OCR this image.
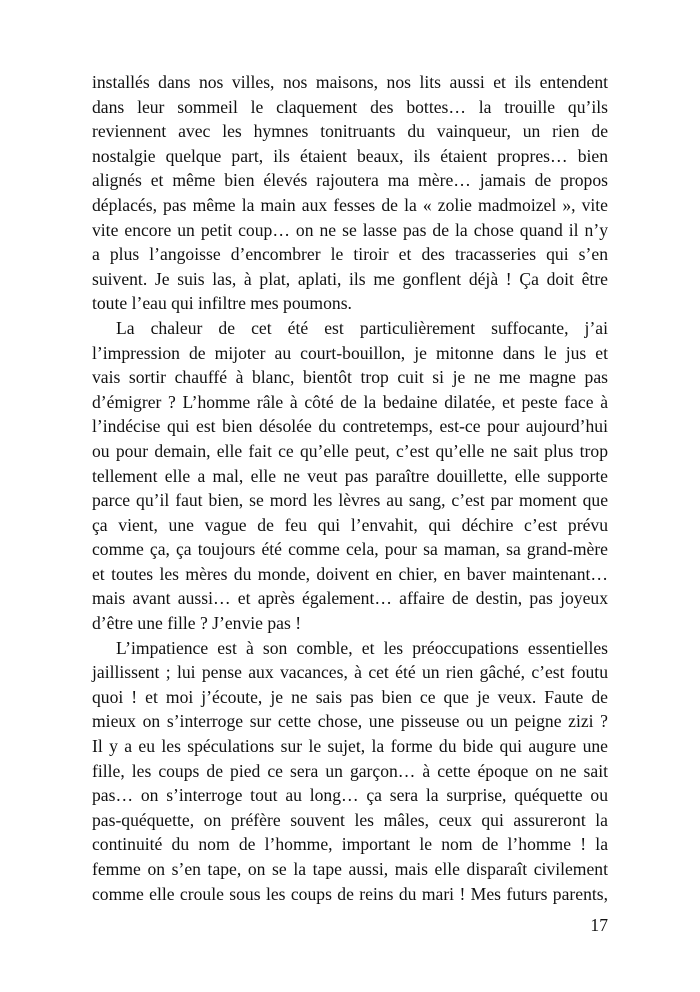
installés dans nos villes, nos maisons, nos lits aussi et ils entendent
dans leur sommeil le claquement des bottes… la trouille qu’ils
reviennent avec les hymnes tonitruants du vainqueur, un rien de
nostalgie quelque part, ils étaient beaux, ils étaient propres… bien
alignés et même bien élevés rajoutera ma mère… jamais de propos
déplacés, pas même la main aux fesses de la « zolie madmoizel », vite
vite encore un petit coup… on ne se lasse pas de la chose quand il n’y
a plus l’angoisse d’encombrer le tiroir et des tracasseries qui s’en
suivent. Je suis las, à plat, aplati, ils me gonflent déjà ! Ça doit être
toute l’eau qui infiltre mes poumons.
La chaleur de cet été est particulièrement suffocante, j’ai
l’impression de mijoter au court-bouillon, je mitonne dans le jus et
vais sortir chauffé à blanc, bientôt trop cuit si je ne me magne pas
d’émigrer ? L’homme râle à côté de la bedaine dilatée, et peste face à
l’indécise qui est bien désolée du contretemps, est-ce pour aujourd’hui
ou pour demain, elle fait ce qu’elle peut, c’est qu’elle ne sait plus trop
tellement elle a mal, elle ne veut pas paraître douillette, elle supporte
parce qu’il faut bien, se mord les lèvres au sang, c’est par moment que
ça vient, une vague de feu qui l’envahit, qui déchire c’est prévu
comme ça, ça toujours été comme cela, pour sa maman, sa grand-mère
et toutes les mères du monde, doivent en chier, en baver maintenant…
mais avant aussi… et après également… affaire de destin, pas joyeux
d’être une fille ? J’envie pas !
L’impatience est à son comble, et les préoccupations essentielles
jaillissent ; lui pense aux vacances, à cet été un rien gâché, c’est foutu
quoi ! et moi j’écoute, je ne sais pas bien ce que je veux. Faute de
mieux on s’interroge sur cette chose, une pisseuse ou un peigne zizi ?
Il y a eu les spéculations sur le sujet, la forme du bide qui augure une
fille, les coups de pied ce sera un garçon… à cette époque on ne sait
pas… on s’interroge tout au long… ça sera la surprise, quéquette ou
pas-quéquette, on préfère souvent les mâles, ceux qui assureront la
continuité du nom de l’homme, important le nom de l’homme ! la
femme on s’en tape, on se la tape aussi, mais elle disparaît civilement
comme elle croule sous les coups de reins du mari ! Mes futurs parents,
17
